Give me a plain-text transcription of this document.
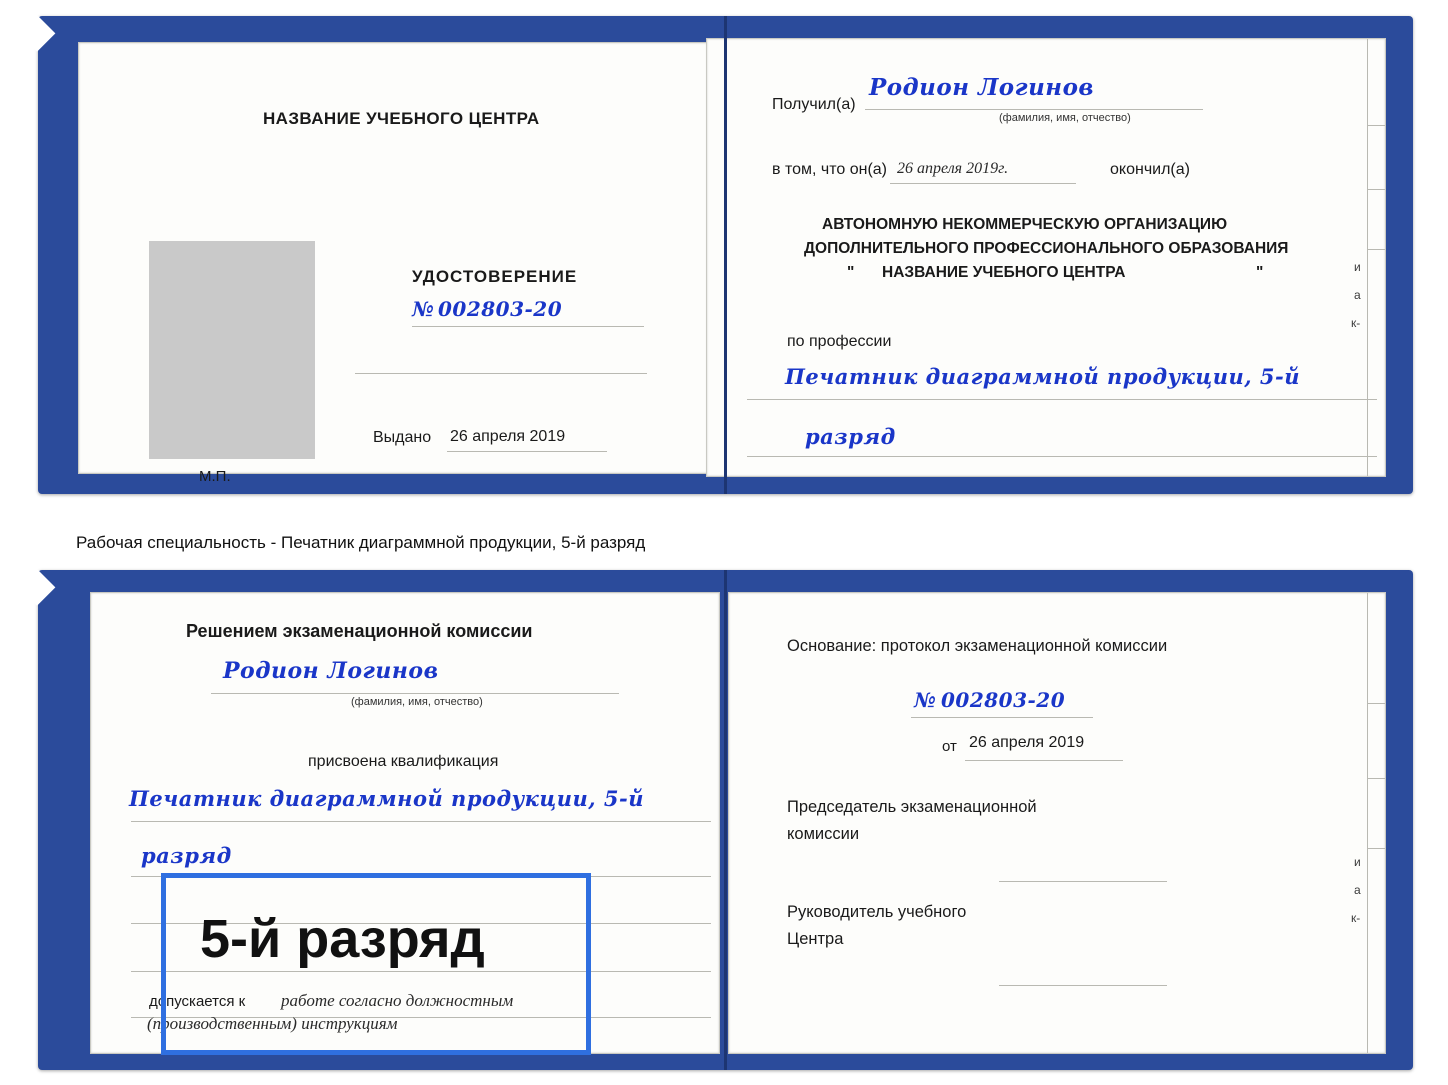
НАЗВАНИЕ УЧЕБНОГО ЦЕНТРА
УДОСТОВЕРЕНИЕ
№ 002803-20
Выдано 26 апреля 2019
М.П.
Получил(а)
Родион Логинов
(фамилия, имя, отчество)
в том, что он(а) 26 апреля 2019г.	окончил(а)
АВТОНОМНУЮ НЕКОММЕРЧЕСКУЮ ОРГАНИЗАЦИЮ
ДОПОЛНИТЕЛЬНОГО ПРОФЕССИОНАЛЬНОГО ОБРАЗОВАНИЯ
" НАЗВАНИЕ УЧЕБНОГО ЦЕНТРА	"
по профессии
Печатник диаграммной продукции, 5-й
разряд
и
а
к-
Рабочая специальность - Печатник диаграммной продукции, 5-й разряд
Решением экзаменационной комиссии
Родион Логинов
(фамилия, имя, отчество)
присвоена квалификация
Печатник диаграммной продукции, 5-й
разряд
допускается к работе согласно должностным
(производственным) инструкциям
Основание: протокол экзаменационной комиссии
№ 002803-20
от 26 апреля 2019
Председатель экзаменационной
комиссии
Руководитель учебного
Центра
и
а
к-
5-й разряд
